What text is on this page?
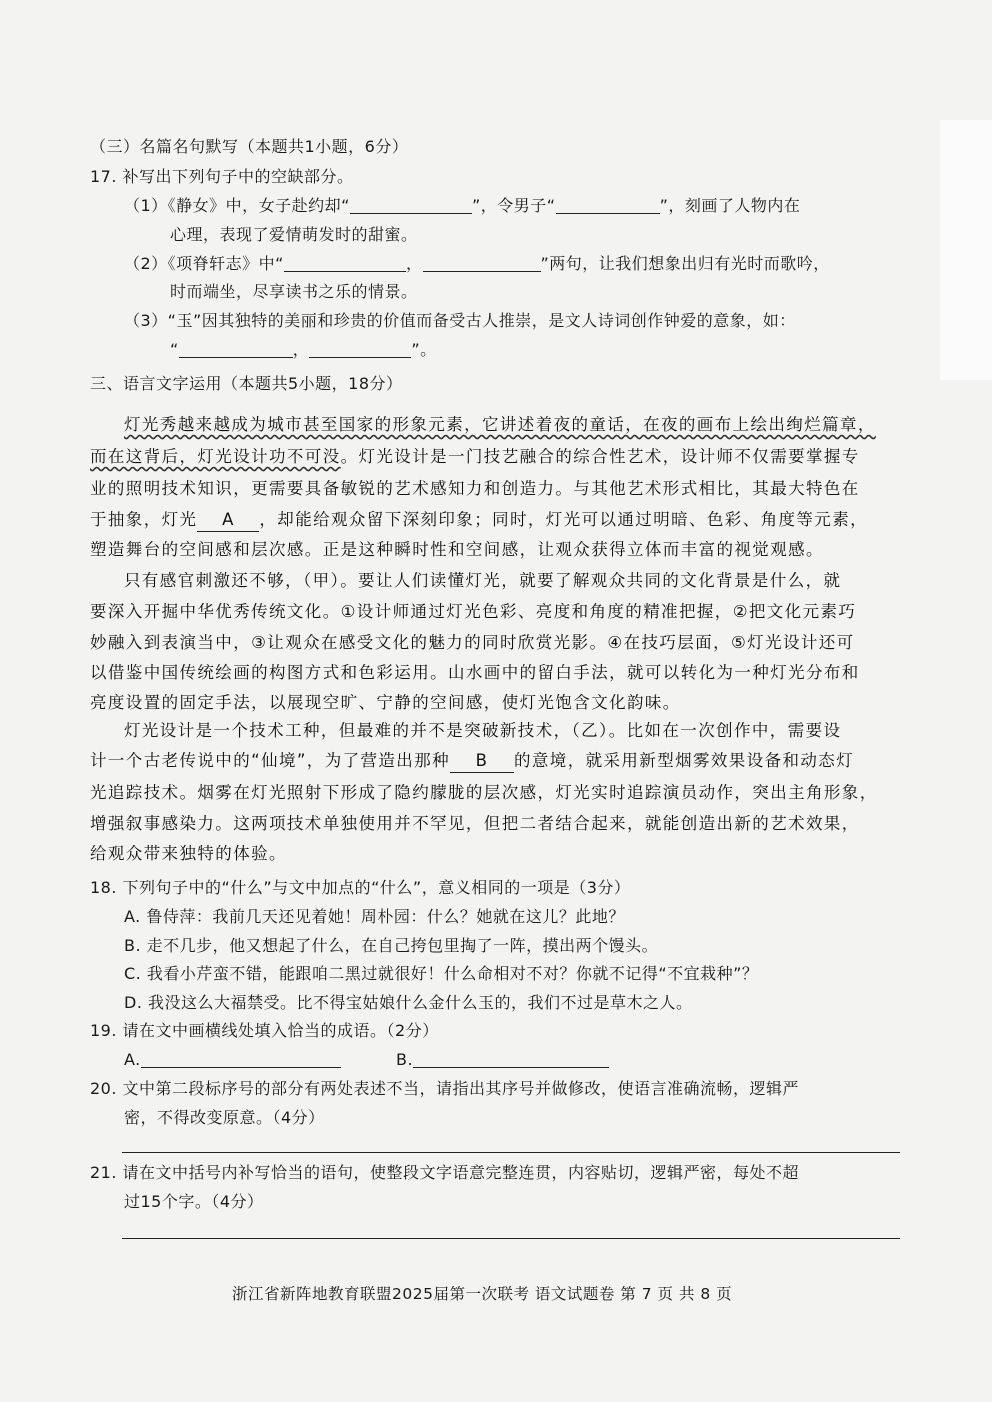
（三）名篇名句默写（本题共1小题，6分）
17. 补写出下列句子中的空缺部分。
（1）《静女》中，女子赴约却“	”，令男子“	”，刻画了人物内在
心理，表现了爱情萌发时的甜蜜。
（2）《项脊轩志》中“	，	”两句，让我们想象出归有光时而歌吟，
时而端坐，尽享读书之乐的情景。
（3）“玉”因其独特的美丽和珍贵的价值而备受古人推崇，是文人诗词创作钟爱的意象，如：
“	，	”。
三、语言文字运用（本题共5小题，18分）
灯光秀越来越成为城市甚至国家的形象元素，它讲述着夜的童话，在夜的画布上绘出绚烂篇章，
而在这背后，灯光设计功不可没。灯光设计是一门技艺融合的综合性艺术，设计师不仅需要掌握专
业的照明技术知识，更需要具备敏锐的艺术感知力和创造力。与其他艺术形式相比，其最大特色在
于抽象，灯光 A ，却能给观众留下深刻印象；同时，灯光可以通过明暗、色彩、角度等元素，
塑造舞台的空间感和层次感。正是这种瞬时性和空间感，让观众获得立体而丰富的视觉观感。
只有感官刺激还不够，（甲）。要让人们读懂灯光，就要了解观众共同的文化背景是什么，就
要深入开掘中华优秀传统文化。①设计师通过灯光色彩、亮度和角度的精准把握，②把文化元素巧
妙融入到表演当中，③让观众在感受文化的魅力的同时欣赏光影。④在技巧层面，⑤灯光设计还可
以借鉴中国传统绘画的构图方式和色彩运用。山水画中的留白手法，就可以转化为一种灯光分布和
亮度设置的固定手法，以展现空旷、宁静的空间感，使灯光饱含文化韵味。
灯光设计是一个技术工种，但最难的并不是突破新技术，（乙）。比如在一次创作中，需要设
计一个古老传说中的“仙境”，为了营造出那种 B 的意境，就采用新型烟雾效果设备和动态灯
光追踪技术。烟雾在灯光照射下形成了隐约朦胧的层次感，灯光实时追踪演员动作，突出主角形象，
增强叙事感染力。这两项技术单独使用并不罕见，但把二者结合起来，就能创造出新的艺术效果，
给观众带来独特的体验。
18. 下列句子中的“什么”与文中加点的“什么”，意义相同的一项是（3分）
A. 鲁侍萍：我前几天还见着她！周朴园：什么？她就在这儿？此地？
B. 走不几步，他又想起了什么，在自己挎包里掏了一阵，摸出两个馒头。
C. 我看小芹蛮不错，能跟咱二黑过就很好！什么命相对不对？你就不记得“不宜栽种”？
D. 我没这么大福禁受。比不得宝姑娘什么金什么玉的，我们不过是草木之人。
19. 请在文中画横线处填入恰当的成语。（2分）
A.	B.
20. 文中第二段标序号的部分有两处表述不当，请指出其序号并做修改，使语言准确流畅，逻辑严
密，不得改变原意。（4分）
21. 请在文中括号内补写恰当的语句，使整段文字语意完整连贯，内容贴切，逻辑严密，每处不超
过15个字。（4分）
浙江省新阵地教育联盟2025届第一次联考 语文试题卷 第 7 页 共 8 页
